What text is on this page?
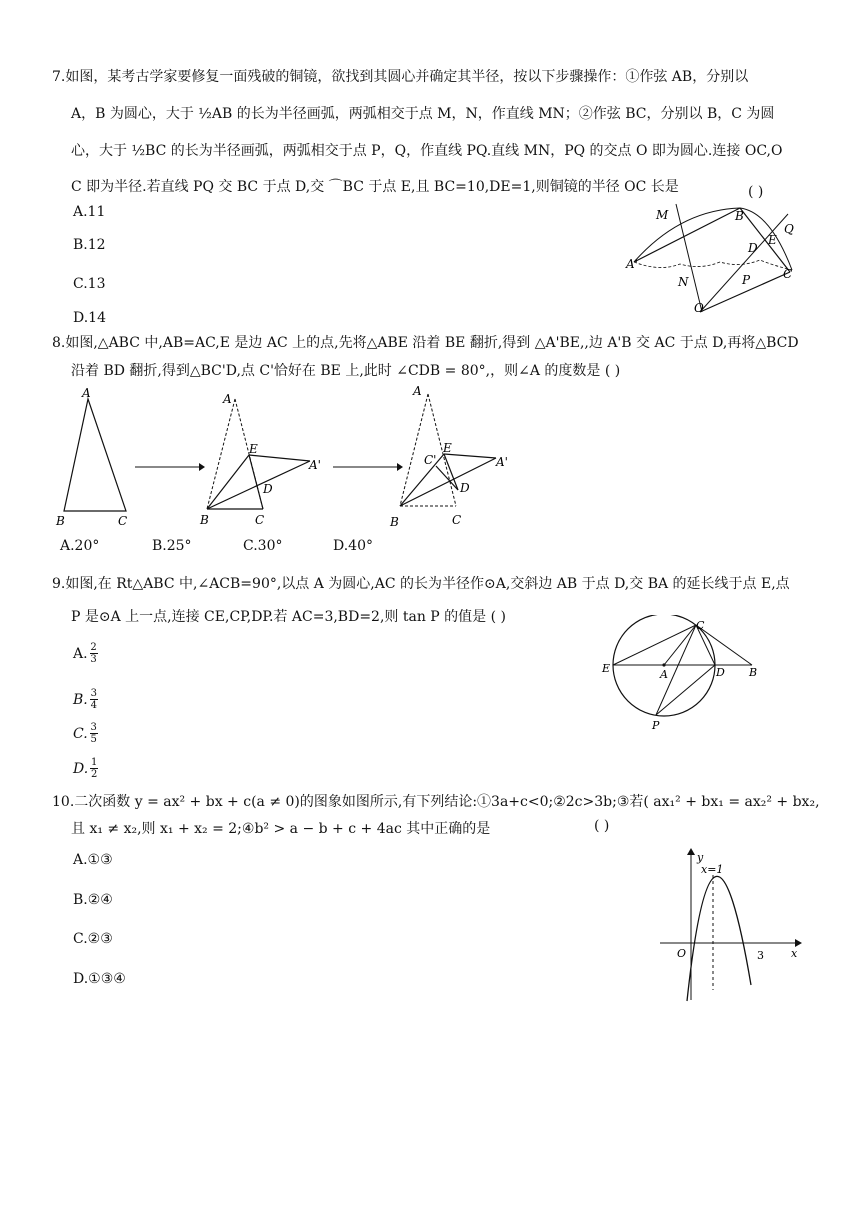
7.如图，某考古学家要修复一面残破的铜镜，欲找到其圆心并确定其半径，按以下步骤操作：①作弦 AB，分别以
A，B 为圆心，大于 ½AB 的长为半径画弧，两弧相交于点 M，N，作直线 MN；②作弦 BC，分别以 B，C 为圆
心，大于 ½BC 的长为半径画弧，两弧相交于点 P，Q，作直线 PQ.直线 MN，PQ 的交点 O 即为圆心.连接 OC,O
C 即为半径.若直线 PQ 交 BC 于点 D,交 ⌒BC 于点 E,且 BC=10,DE=1,则铜镜的半径 OC 长是	( )
A.11
B.12
C.13
D.14
M	B
Q
E
D
A'
P
N
C
O
8.如图,△ABC 中,AB=AC,E 是边 AC 上的点,先将△ABE 沿着 BE 翻折,得到 △A'BE,,边 A'B 交 AC 于点 D,再将△BCD
沿着 BD 翻折,得到△BC'D,点 C'恰好在 BE 上,此时 ∠CDB = 80°,，则∠A 的度数是 ( )
A
B	C
A
E
A'
D
B	C
A
C'
E
A'
D
B	C
A.20°	B.25°	C.30°	D.40°
9.如图,在 Rt△ABC 中,∠ACB=90°,以点 A 为圆心,AC 的长为半径作⊙A,交斜边 AB 于点 D,交 BA 的延长线于点 E,点
P 是⊙A 上一点,连接 CE,CP,DP.若 AC=3,BD=2,则 tan P 的值是 ( )
A. 2
3
B. 3
4
C. 3
5
D. 1
2
C
E	A	D B
P
10.二次函数 y = ax² + bx + c(a ≠ 0)的图象如图所示,有下列结论:①3a+c<0;②2c>3b;③若( ax₁² + bx₁ = ax₂² + bx₂,
且 x₁ ≠ x₂,则 x₁ + x₂ = 2;④b² > a − b + c + 4ac 其中正确的是	( )
A.①③
B.②④
C.②③
D.①③④
y
x=1
O	3 x
